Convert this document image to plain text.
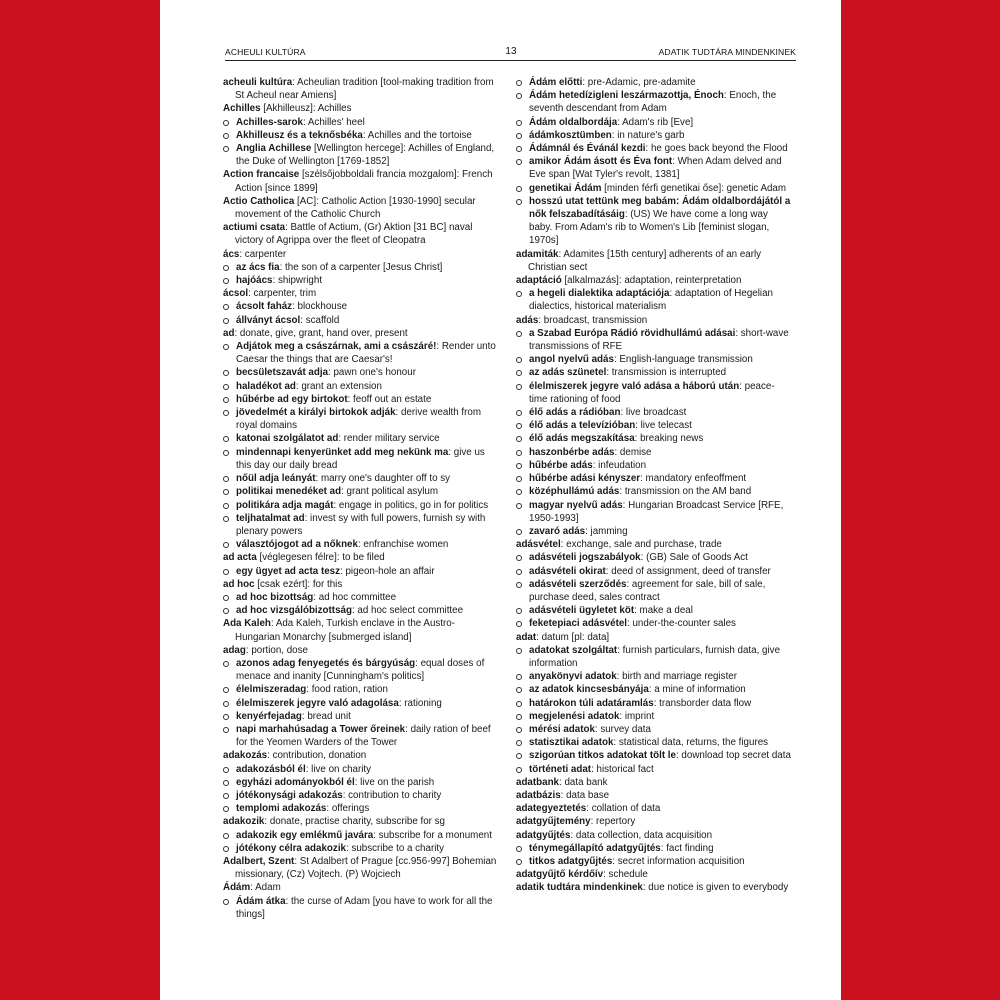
ACHEULI KULTÚRA	13	ADATIK TUDTÁRA MINDENKINEK
acheuli kultúra: Acheulian tradition [tool-making tradition from St Acheul near Amiens]
Achilles [Akhilleusz]: Achilles
Achilles-sarok: Achilles' heel
Akhilleusz és a teknősbéka: Achilles and the tortoise
Anglia Achillese [Wellington hercege]: Achilles of England, the Duke of Wellington [1769-1852]
Action francaise [szélsőjobboldali francia mozgalom]: French Action [since 1899]
Actio Catholica [AC]: Catholic Action [1930-1990] secular movement of the Catholic Church
actiumi csata: Battle of Actium, (Gr) Aktion [31 BC] naval victory of Agrippa over the fleet of Cleopatra
ács: carpenter
az ács fia: the son of a carpenter [Jesus Christ]
hajóács: shipwright
ácsol: carpenter, trim
ácsolt faház: blockhouse
állványt ácsol: scaffold
ad: donate, give, grant, hand over, present
Adjátok meg a császárnak, ami a császáré!: Render unto Caesar the things that are Caesar's!
becsületszavát adja: pawn one's honour
haladékot ad: grant an extension
hűbérbe ad egy birtokot: feoff out an estate
jövedelmét a királyi birtokok adják: derive wealth from royal domains
katonai szolgálatot ad: render military service
mindennapi kenyerünket add meg nekünk ma: give us this day our daily bread
nőül adja leányát: marry one's daughter off to sy
politikai menedéket ad: grant political asylum
politikára adja magát: engage in politics, go in for politics
teljhatalmat ad: invest sy with full powers, furnish sy with plenary powers
választójogot ad a nőknek: enfranchise women
ad acta [véglegesen félre]: to be filed
egy ügyet ad acta tesz: pigeon-hole an affair
ad hoc [csak ezért]: for this
ad hoc bizottság: ad hoc committee
ad hoc vizsgálóbizottság: ad hoc select committee
Ada Kaleh: Ada Kaleh, Turkish enclave in the Austro-Hungarian Monarchy [submerged island]
adag: portion, dose
azonos adag fenyegetés és bárgyúság: equal doses of menace and inanity [Cunningham's politics]
élelmiszeradag: food ration, ration
élelmiszerek jegyre való adagolása: rationing
kenyérfejadag: bread unit
napi marhahúsadag a Tower őreinek: daily ration of beef for the Yeomen Warders of the Tower
adakozás: contribution, donation
adakozásból él: live on charity
egyházi adományokból él: live on the parish
jótékonysági adakozás: contribution to charity
templomi adakozás: offerings
adakozik: donate, practise charity, subscribe for sg
adakozik egy emlékmű javára: subscribe for a monument
jótékony célra adakozik: subscribe to a charity
Adalbert, Szent: St Adalbert of Prague [cc.956-997] Bohemian missionary, (Cz) Vojtech. (P) Wojciech
Ádám: Adam
Ádám átka: the curse of Adam [you have to work for all the things]
Ádám előtti: pre-Adamic, pre-adamite
Ádám hetedízigleni leszármazottja, Énoch: Enoch, the seventh descendant from Adam
Ádám oldalbordája: Adam's rib [Eve]
ádámkosztümben: in nature's garb
Ádámnál és Évánál kezdi: he goes back beyond the Flood
amikor Ádám ásott és Éva font: When Adam delved and Eve span [Wat Tyler's revolt, 1381]
genetikai Ádám [minden férfi genetikai őse]: genetic Adam
hosszú utat tettünk meg babám: Ádám oldalbordájától a nők felszabadításáig: (US) We have come a long way baby. From Adam's rib to Women's Lib [feminist slogan, 1970s]
adamiták: Adamites [15th century] adherents of an early Christian sect
adaptáció [alkalmazás]: adaptation, reinterpretation
a hegeli dialektika adaptációja: adaptation of Hegelian dialectics, historical materialism
adás: broadcast, transmission
a Szabad Európa Rádió rövidhullámú adásai: short-wave transmissions of RFE
angol nyelvű adás: English-language transmission
az adás szünetel: transmission is interrupted
élelmiszerek jegyre való adása a háború után: peace-time rationing of food
élő adás a rádióban: live broadcast
élő adás a televízióban: live telecast
élő adás megszakítása: breaking news
haszonbérbe adás: demise
hűbérbe adás: infeudation
hűbérbe adási kényszer: mandatory enfeoffment
középhullámú adás: transmission on the AM band
magyar nyelvű adás: Hungarian Broadcast Service [RFE, 1950-1993]
zavaró adás: jamming
adásvétel: exchange, sale and purchase, trade
adásvételi jogszabályok: (GB) Sale of Goods Act
adásvételi okirat: deed of assignment, deed of transfer
adásvételi szerződés: agreement for sale, bill of sale, purchase deed, sales contract
adásvételi ügyletet köt: make a deal
feketepiaci adásvétel: under-the-counter sales
adat: datum [pl: data]
adatokat szolgáltat: furnish particulars, furnish data, give information
anyakönyvi adatok: birth and marriage register
az adatok kincsesbányája: a mine of information
határokon túli adatáramlás: transborder data flow
megjelenési adatok: imprint
mérési adatok: survey data
statisztikai adatok: statistical data, returns, the figures
szigorúan titkos adatokat tölt le: download top secret data
történeti adat: historical fact
adatbank: data bank
adatbázis: data base
adategyeztetés: collation of data
adatgyűjtemény: repertory
adatgyűjtés: data collection, data acquisition
ténymegállapító adatgyűjtés: fact finding
titkos adatgyűjtés: secret information acquisition
adatgyűjtő kérdőív: schedule
adatik tudtára mindenkinek: due notice is given to everybody
